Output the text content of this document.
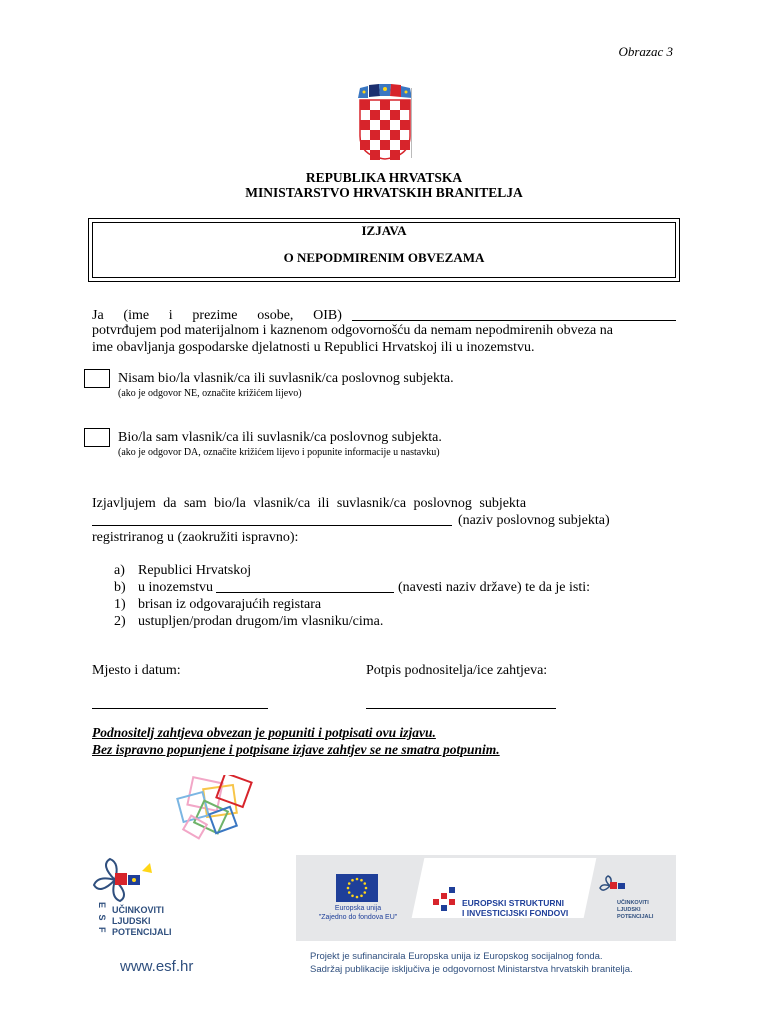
Obrazac 3
REPUBLIKA HRVATSKA
MINISTARSTVO HRVATSKIH BRANITELJA
IZJAVA
O NEPODMIRENIM OBVEZAMA
Ja (ime i prezime osobe, OIB)
potvrđujem pod materijalnom i kaznenom odgovornošću da nemam nepodmirenih obveza na
ime obavljanja gospodarske djelatnosti u Republici Hrvatskoj ili u inozemstvu.
Nisam bio/la vlasnik/ca ili suvlasnik/ca poslovnog subjekta.
(ako je odgovor NE, označite križićem lijevo)
Bio/la sam vlasnik/ca ili suvlasnik/ca poslovnog subjekta.
(ako je odgovor DA, označite križićem lijevo i popunite informacije u nastavku)
Izjavljujem da sam bio/la vlasnik/ca ili suvlasnik/ca poslovnog subjekta
(naziv poslovnog subjekta)
registriranog u (zaokružiti ispravno):
a) Republici Hrvatskoj
b) u inozemstvu	(navesti naziv države) te da je isti:
1) brisan iz odgovarajućih registara
2) ustupljen/prodan drugom/im vlasniku/cima.
Mjesto i datum:	Potpis podnositelja/ice zahtjeva:
Podnositelj zahtjeva obvezan je popuniti i potpisati ovu izjavu.
Bez ispravno popunjene i potpisane izjave zahtjev se ne smatra potpunim.
E S F UČINKOVITI
LJUDSKI
POTENCIJALI
www.esf.hr
Europska unija
"Zajedno do fondova EU"
EUROPSKI STRUKTURNI
I INVESTICIJSKI FONDOVI
UČINKOVITI
LJUDSKI
POTENCIJALI
Projekt je sufinancirala Europska unija iz Europskog socijalnog fonda.
Sadržaj publikacije isključiva je odgovornost Ministarstva hrvatskih branitelja.
